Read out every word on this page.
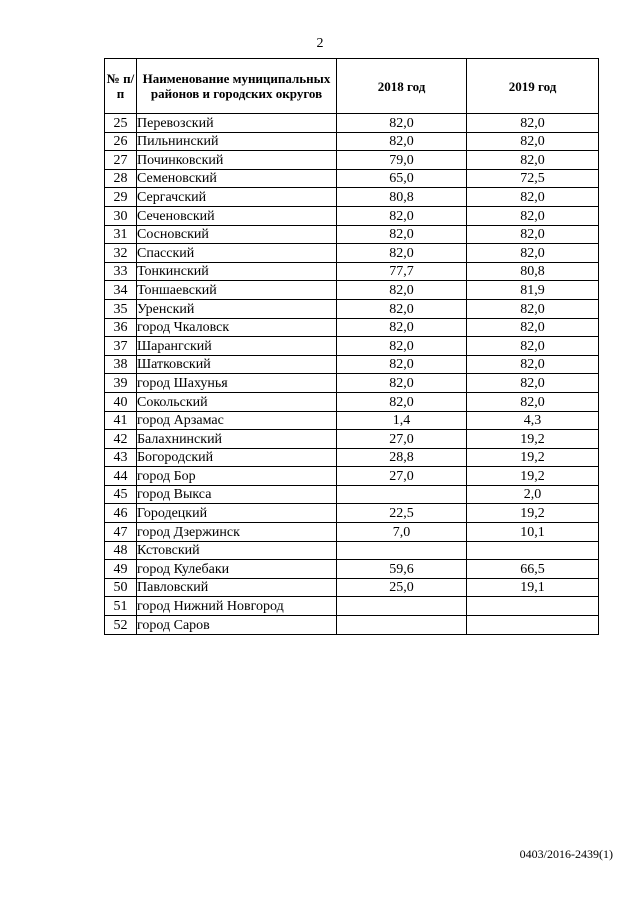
2
№ п/п	Наименование муниципальных районов и городских округов	2018 год	2019 год
25	Перевозский	82,0	82,0
26	Пильнинский	82,0	82,0
27	Починковский	79,0	82,0
28	Семеновский	65,0	72,5
29	Сергачский	80,8	82,0
30	Сеченовский	82,0	82,0
31	Сосновский	82,0	82,0
32	Спасский	82,0	82,0
33	Тонкинский	77,7	80,8
34	Тоншаевский	82,0	81,9
35	Уренский	82,0	82,0
36	город Чкаловск	82,0	82,0
37	Шарангский	82,0	82,0
38	Шатковский	82,0	82,0
39	город Шахунья	82,0	82,0
40	Сокольский	82,0	82,0
41	город Арзамас	1,4	4,3
42	Балахнинский	27,0	19,2
43	Богородский	28,8	19,2
44	город Бор	27,0	19,2
45	город Выкса		2,0
46	Городецкий	22,5	19,2
47	город Дзержинск	7,0	10,1
48	Кстовский		
49	город Кулебаки	59,6	66,5
50	Павловский	25,0	19,1
51	город Нижний Новгород		
52	город Саров		
0403/2016-2439(1)
